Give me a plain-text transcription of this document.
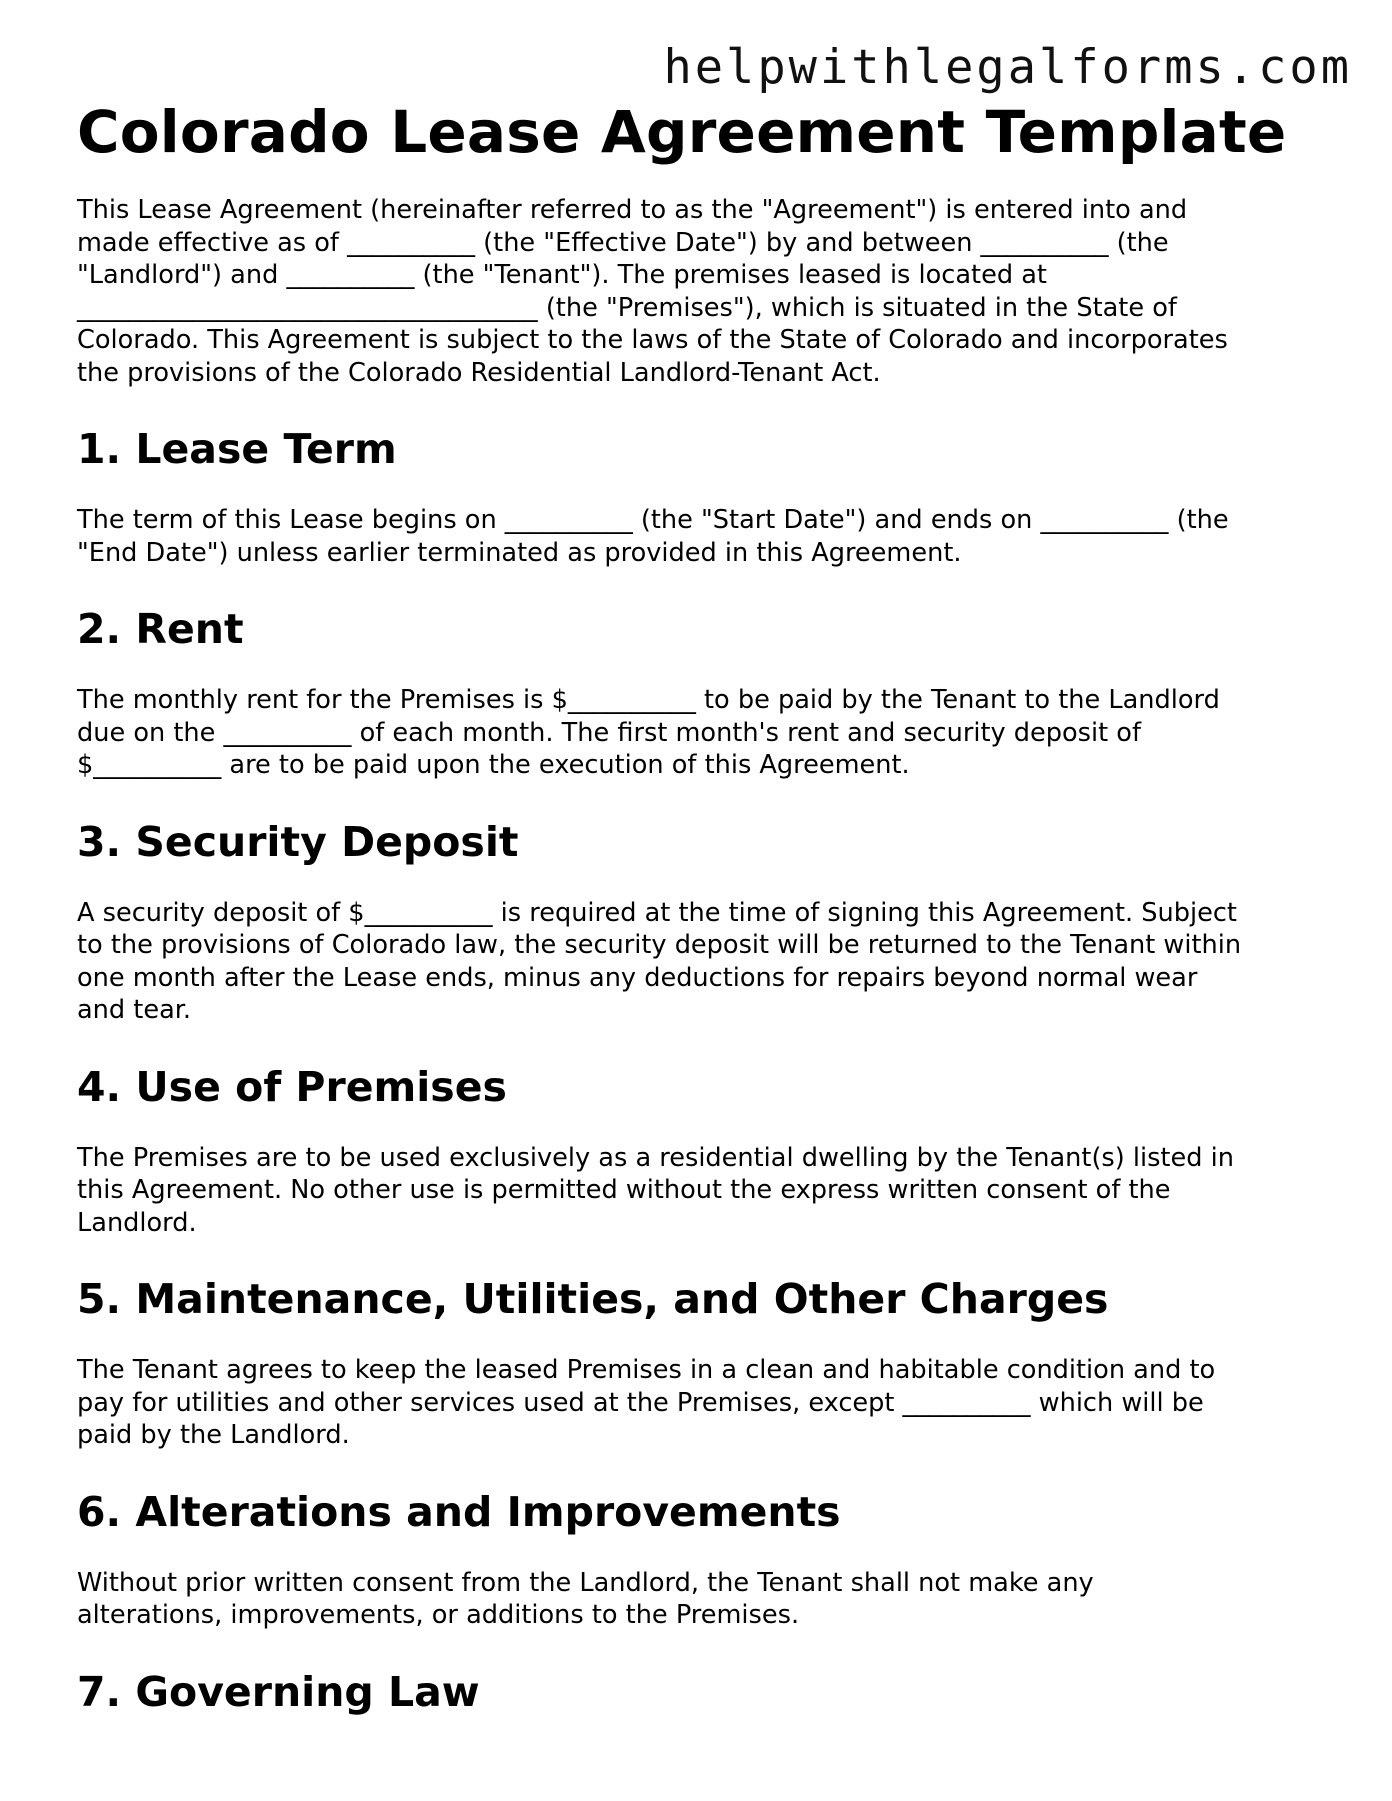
helpwithlegalforms.com
Colorado Lease Agreement Template

This Lease Agreement (hereinafter referred to as the "Agreement") is entered into and
made effective as of __________ (the "Effective Date") by and between __________ (the
"Landlord") and __________ (the "Tenant"). The premises leased is located at
____________________________________ (the "Premises"), which is situated in the State of
Colorado. This Agreement is subject to the laws of the State of Colorado and incorporates
the provisions of the Colorado Residential Landlord-Tenant Act.

1. Lease Term

The term of this Lease begins on __________ (the "Start Date") and ends on __________ (the
"End Date") unless earlier terminated as provided in this Agreement.

2. Rent

The monthly rent for the Premises is $__________ to be paid by the Tenant to the Landlord
due on the __________ of each month. The first month's rent and security deposit of
$__________ are to be paid upon the execution of this Agreement.

3. Security Deposit

A security deposit of $__________ is required at the time of signing this Agreement. Subject
to the provisions of Colorado law, the security deposit will be returned to the Tenant within
one month after the Lease ends, minus any deductions for repairs beyond normal wear
and tear.

4. Use of Premises

The Premises are to be used exclusively as a residential dwelling by the Tenant(s) listed in
this Agreement. No other use is permitted without the express written consent of the
Landlord.

5. Maintenance, Utilities, and Other Charges

The Tenant agrees to keep the leased Premises in a clean and habitable condition and to
pay for utilities and other services used at the Premises, except __________ which will be
paid by the Landlord.

6. Alterations and Improvements

Without prior written consent from the Landlord, the Tenant shall not make any
alterations, improvements, or additions to the Premises.

7. Governing Law
